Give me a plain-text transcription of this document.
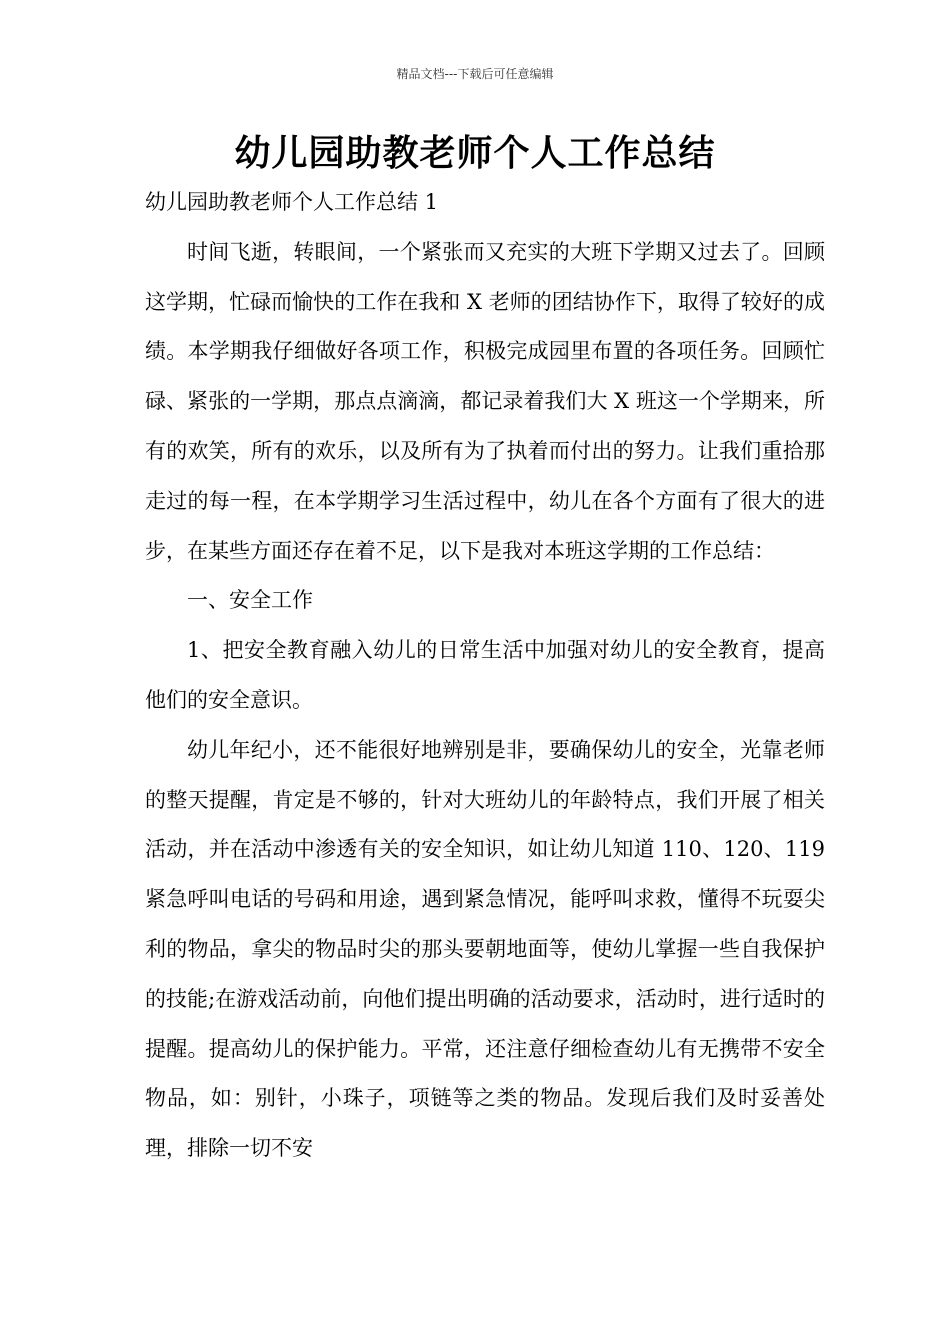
精品文档---下载后可任意编辑
幼儿园助教老师个人工作总结

幼儿园助教老师个人工作总结 1

时间飞逝，转眼间，一个紧张而又充实的大班下学期又过去了。回顾这学期，忙碌而愉快的工作在我和 X 老师的团结协作下，取得了较好的成绩。本学期我仔细做好各项工作，积极完成园里布置的各项任务。回顾忙碌、紧张的一学期，那点点滴滴，都记录着我们大 X 班这一个学期来，所有的欢笑，所有的欢乐，以及所有为了执着而付出的努力。让我们重拾那走过的每一程，在本学期学习生活过程中，幼儿在各个方面有了很大的进步，在某些方面还存在着不足，以下是我对本班这学期的工作总结：

一、安全工作

1、把安全教育融入幼儿的日常生活中加强对幼儿的安全教育，提高他们的安全意识。

幼儿年纪小，还不能很好地辨别是非，要确保幼儿的安全，光靠老师的整天提醒，肯定是不够的，针对大班幼儿的年龄特点，我们开展了相关活动，并在活动中渗透有关的安全知识，如让幼儿知道 110、120、119 紧急呼叫电话的号码和用途，遇到紧急情况，能呼叫求救，懂得不玩耍尖利的物品，拿尖的物品时尖的那头要朝地面等，使幼儿掌握一些自我保护的技能;在游戏活动前，向他们提出明确的活动要求，活动时，进行适时的提醒。提高幼儿的保护能力。平常，还注意仔细检查幼儿有无携带不安全物品，如：别针，小珠子，项链等之类的物品。发现后我们及时妥善处理，排除一切不安
